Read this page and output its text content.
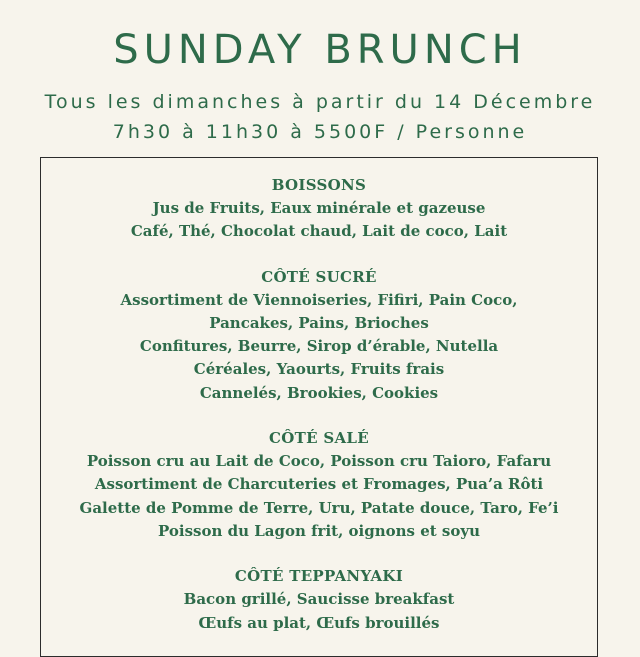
SUNDAY BRUNCH
Tous les dimanches à partir du 14 Décembre
7h30 à 11h30 à 5500F / Personne
BOISSONS
Jus de Fruits, Eaux minérale et gazeuse
Café, Thé, Chocolat chaud, Lait de coco, Lait
CÔTÉ SUCRÉ
Assortiment de Viennoiseries, Fifiri, Pain Coco,
Pancakes, Pains, Brioches
Confitures, Beurre, Sirop d’érable, Nutella
Céréales, Yaourts, Fruits frais
Cannelés, Brookies, Cookies
CÔTÉ SALÉ
Poisson cru au Lait de Coco, Poisson cru Taioro, Fafaru
Assortiment de Charcuteries et Fromages, Pua’a Rôti
Galette de Pomme de Terre, Uru, Patate douce, Taro, Fe’i
Poisson du Lagon frit, oignons et soyu
CÔTÉ TEPPANYAKI
Bacon grillé, Saucisse breakfast
Œufs au plat, Œufs brouillés
